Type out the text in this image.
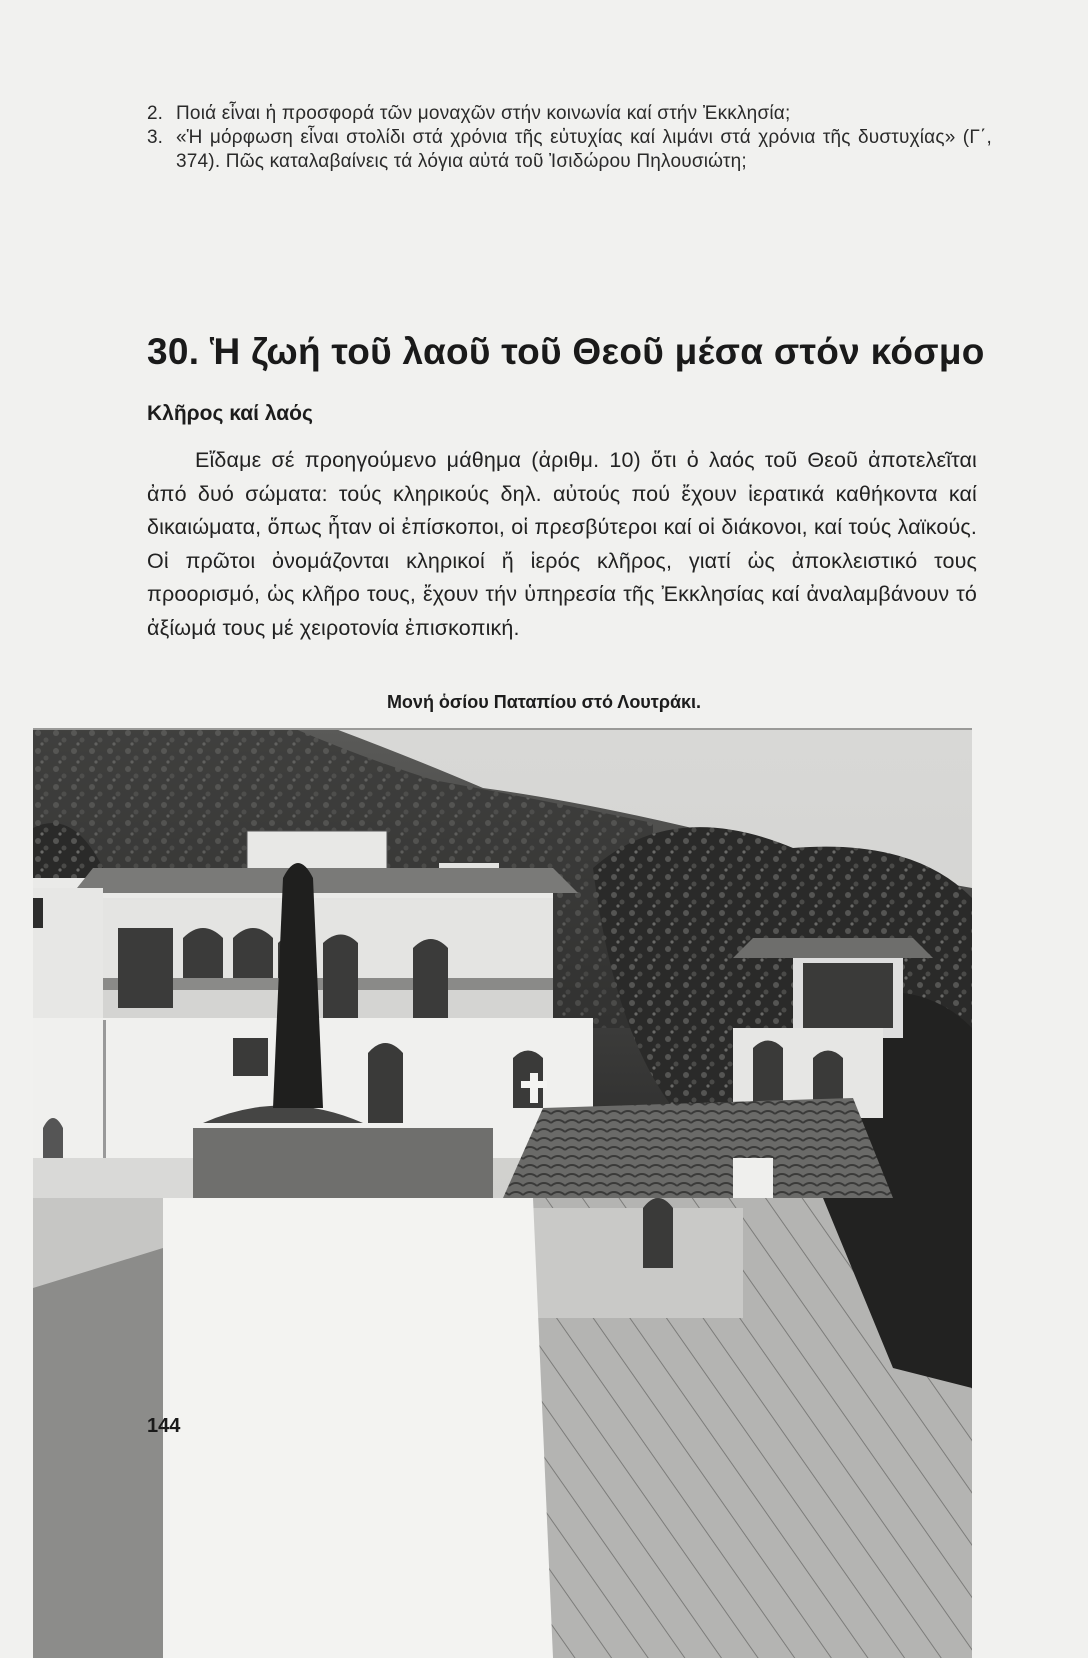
2. Ποιά εἶναι ἡ προσφορά τῶν μοναχῶν στήν κοινωνία καί στήν Ἐκκλησία;
3. «Ἡ μόρφωση εἶναι στολίδι στά χρόνια τῆς εὐτυχίας καί λιμάνι στά χρόνια τῆς δυστυχίας» (Γ΄, 374). Πῶς καταλαβαίνεις τά λόγια αὐτά τοῦ Ἰσιδώρου Πηλουσιώτη;
30. Ἡ ζωή τοῦ λαοῦ τοῦ Θεοῦ μέσα στόν κόσμο
Κλῆρος καί λαός
Εἴδαμε σέ προηγούμενο μάθημα (ἀριθμ. 10) ὅτι ὁ λαός τοῦ Θεοῦ ἀποτελεῖται ἀπό δυό σώματα: τούς κληρικούς δηλ. αὐτούς πού ἔχουν ἱερατικά καθήκοντα καί δικαιώματα, ὅπως ἦταν οἱ ἐπίσκοποι, οἱ πρεσβύτεροι καί οἱ διάκονοι, καί τούς λαϊκούς. Οἱ πρῶτοι ὀνομάζονται κληρικοί ἤ ἱερός κλῆρος, γιατί ὡς ἀποκλειστικό τους προορισμό, ὡς κλῆρο τους, ἔχουν τήν ὑπηρεσία τῆς Ἐκκλησίας καί ἀναλαμβάνουν τό ἀξίωμά τους μέ χειροτονία ἐπισκοπική.
Μονή ὁσίου Παταπίου στό Λουτράκι.
144
